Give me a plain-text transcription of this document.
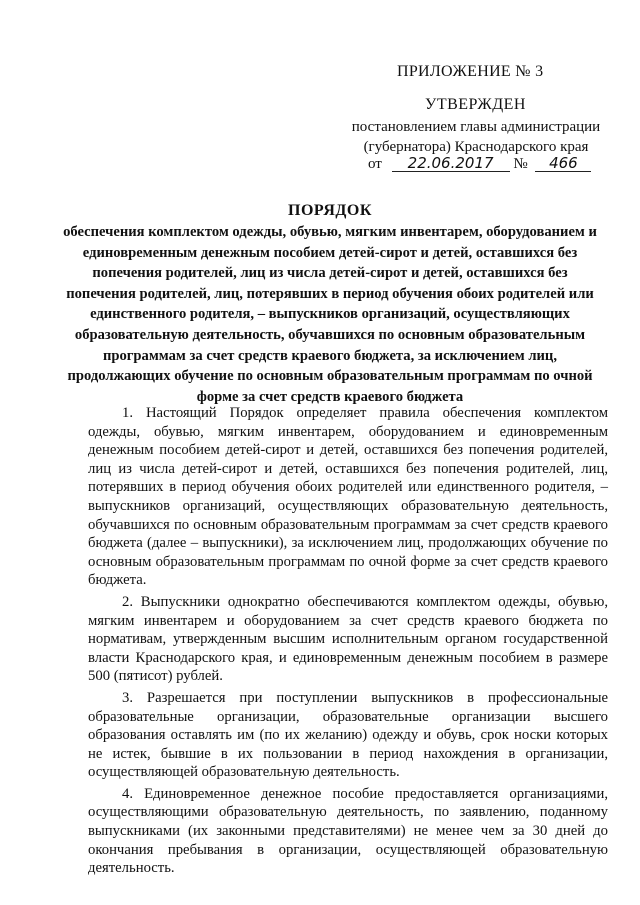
ПРИЛОЖЕНИЕ № 3
УТВЕРЖДЕН
постановлением главы администрации (губернатора) Краснодарского края
от 22.06.2017 № 466
ПОРЯДОК
обеспечения комплектом одежды, обувью, мягким инвентарем, оборудованием и единовременным денежным пособием детей-сирот и детей, оставшихся без попечения родителей, лиц из числа детей-сирот и детей, оставшихся без попечения родителей, лиц, потерявших в период обучения обоих родителей или единственного родителя, – выпускников организаций, осуществляющих образовательную деятельность, обучавшихся по основным образовательным программам за счет средств краевого бюджета, за исключением лиц, продолжающих обучение по основным образовательным программам по очной форме за счет средств краевого бюджета

1. Настоящий Порядок определяет правила обеспечения комплектом одежды, обувью, мягким инвентарем, оборудованием и единовременным денежным пособием детей-сирот и детей, оставшихся без попечения родителей, лиц из числа детей-сирот и детей, оставшихся без попечения родителей, лиц, потерявших в период обучения обоих родителей или единственного родителя, – выпускников организаций, осуществляющих образовательную деятельность, обучавшихся по основным образовательным программам за счет средств краевого бюджета (далее – выпускники), за исключением лиц, продолжающих обучение по основным образовательным программам по очной форме за счет средств краевого бюджета.

2. Выпускники однократно обеспечиваются комплектом одежды, обувью, мягким инвентарем и оборудованием за счет средств краевого бюджета по нормативам, утвержденным высшим исполнительным органом государственной власти Краснодарского края, и единовременным денежным пособием в размере 500 (пятисот) рублей.

3. Разрешается при поступлении выпускников в профессиональные образовательные организации, образовательные организации высшего образования оставлять им (по их желанию) одежду и обувь, срок носки которых не истек, бывшие в их пользовании в период нахождения в организации, осуществляющей образовательную деятельность.

4. Единовременное денежное пособие предоставляется организациями, осуществляющими образовательную деятельность, по заявлению, поданному выпускниками (их законными представителями) не менее чем за 30 дней до окончания пребывания в организации, осуществляющей образовательную деятельность.
